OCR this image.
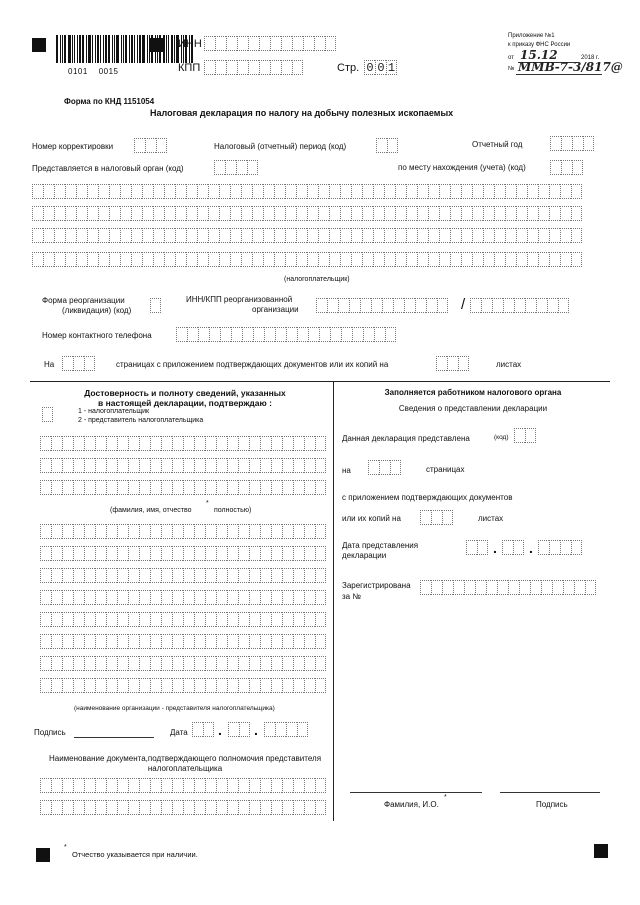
0101    0015
ИНН
КПП	Стр. 0 0 1
Приложение №1
к приказу ФНС России
от 15.12	2018 г.
№ ММВ-7-3/817@
Форма по КНД 1151054
Налоговая декларация по налогу на добычу полезных ископаемых
Номер корректировки	Налоговый (отчетный) период (код)	Отчетный год
Представляется в налоговый орган (код)	по месту нахождения (учета) (код)
(налогоплательщик)
Форма реорганизации
(ликвидация) (код)
ИНН/КПП реорганизованной
организации	/
Номер контактного телефона
На	страницах с приложением подтверждающих документов или их копий на	листах
Достоверность и полноту сведений, указанных
в настоящей декларации, подтверждаю :
1 - налогоплательщик
2 - представитель налогоплательщика
(фамилия, имя, отчество
*
полностью)
(наименование организации - представителя налогоплательщика)
Подпись	Дата . .
Наименование документа,подтверждающего полномочия представителя
налогоплательщика
Заполняется работником налогового органа
Сведения о представлении декларации
Данная декларация представлена	(код)
на	страницах
с приложением подтверждающих документов
или их копий на	листах
Дата представления
декларации	. .
Зарегистрирована
за №
Фамилия, И.О.
*
Подпись
*
Отчество указывается при наличии.
